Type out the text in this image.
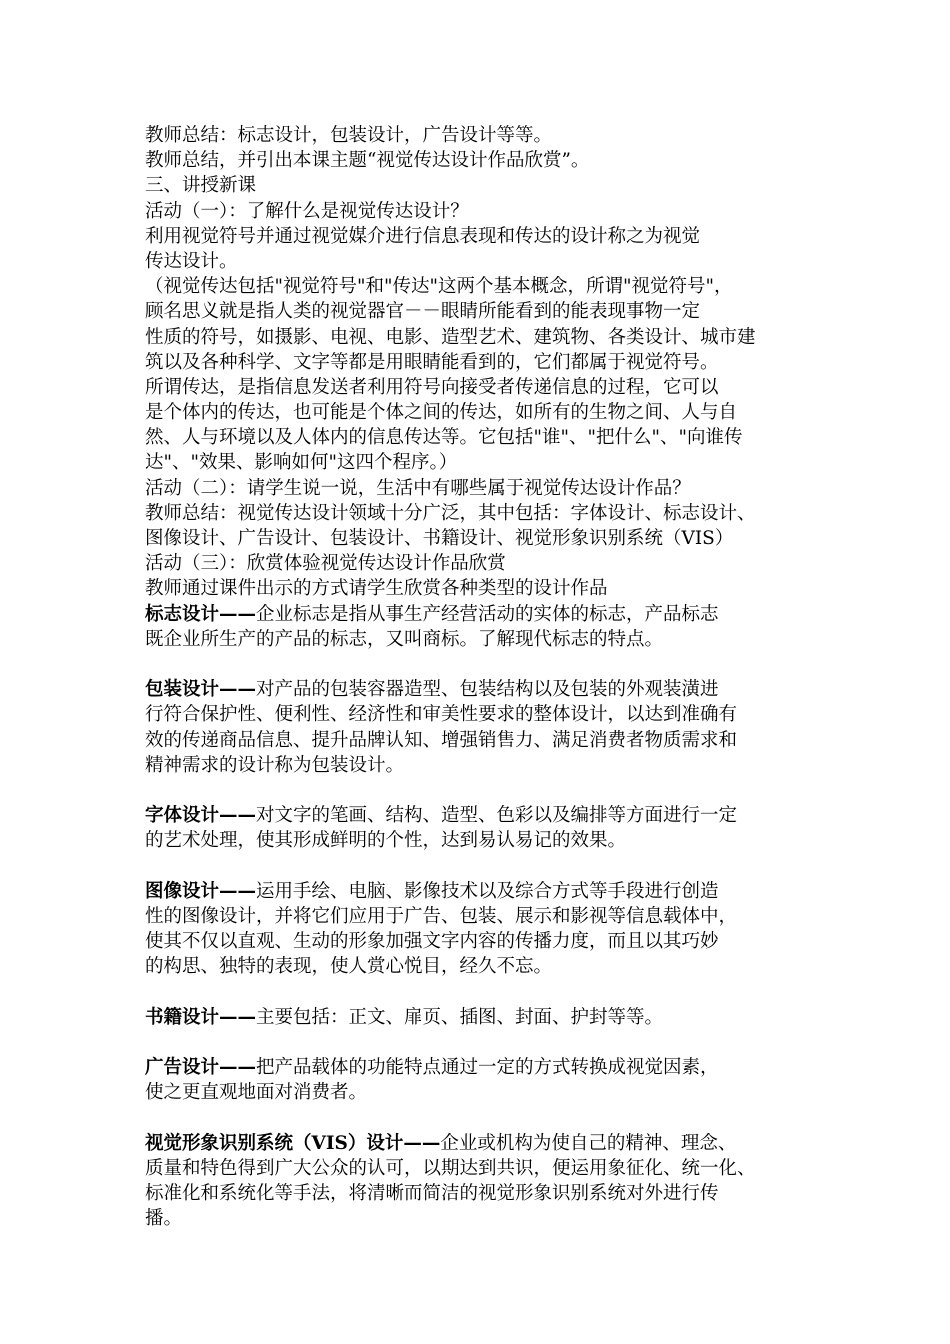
教师总结：标志设计，包装设计，广告设计等等。
教师总结，并引出本课主题“视觉传达设计作品欣赏”。
三、讲授新课
活动（一）：了解什么是视觉传达设计？
利用视觉符号并通过视觉媒介进行信息表现和传达的设计称之为视觉
传达设计。
（视觉传达包括"视觉符号"和"传达"这两个基本概念，所谓"视觉符号"，
顾名思义就是指人类的视觉器官－－眼睛所能看到的能表现事物一定
性质的符号，如摄影、电视、电影、造型艺术、建筑物、各类设计、城市建
筑以及各种科学、文字等都是用眼睛能看到的，它们都属于视觉符号。
所谓传达，是指信息发送者利用符号向接受者传递信息的过程，它可以
是个体内的传达，也可能是个体之间的传达，如所有的生物之间、人与自
然、人与环境以及人体内的信息传达等。它包括"谁"、"把什么"、"向谁传
达"、"效果、影响如何"这四个程序。）
活动（二）：请学生说一说，生活中有哪些属于视觉传达设计作品？
教师总结：视觉传达设计领域十分广泛，其中包括：字体设计、标志设计、
图像设计、广告设计、包装设计、书籍设计、视觉形象识别系统（VIS）
活动（三）：欣赏体验视觉传达设计作品欣赏
教师通过课件出示的方式请学生欣赏各种类型的设计作品
标志设计——企业标志是指从事生产经营活动的实体的标志，产品标志
既企业所生产的产品的标志，又叫商标。了解现代标志的特点。
包装设计——对产品的包装容器造型、包装结构以及包装的外观装潢进
行符合保护性、便利性、经济性和审美性要求的整体设计，以达到准确有
效的传递商品信息、提升品牌认知、增强销售力、满足消费者物质需求和
精神需求的设计称为包装设计。
字体设计——对文字的笔画、结构、造型、色彩以及编排等方面进行一定
的艺术处理，使其形成鲜明的个性，达到易认易记的效果。
图像设计——运用手绘、电脑、影像技术以及综合方式等手段进行创造
性的图像设计，并将它们应用于广告、包装、展示和影视等信息载体中，
使其不仅以直观、生动的形象加强文字内容的传播力度，而且以其巧妙
的构思、独特的表现，使人赏心悦目，经久不忘。
书籍设计——主要包括：正文、扉页、插图、封面、护封等等。
广告设计——把产品载体的功能特点通过一定的方式转换成视觉因素，
使之更直观地面对消费者。
视觉形象识别系统（VIS）设计——企业或机构为使自己的精神、理念、
质量和特色得到广大公众的认可，以期达到共识，便运用象征化、统一化、
标准化和系统化等手法，将清晰而简洁的视觉形象识别系统对外进行传
播。
